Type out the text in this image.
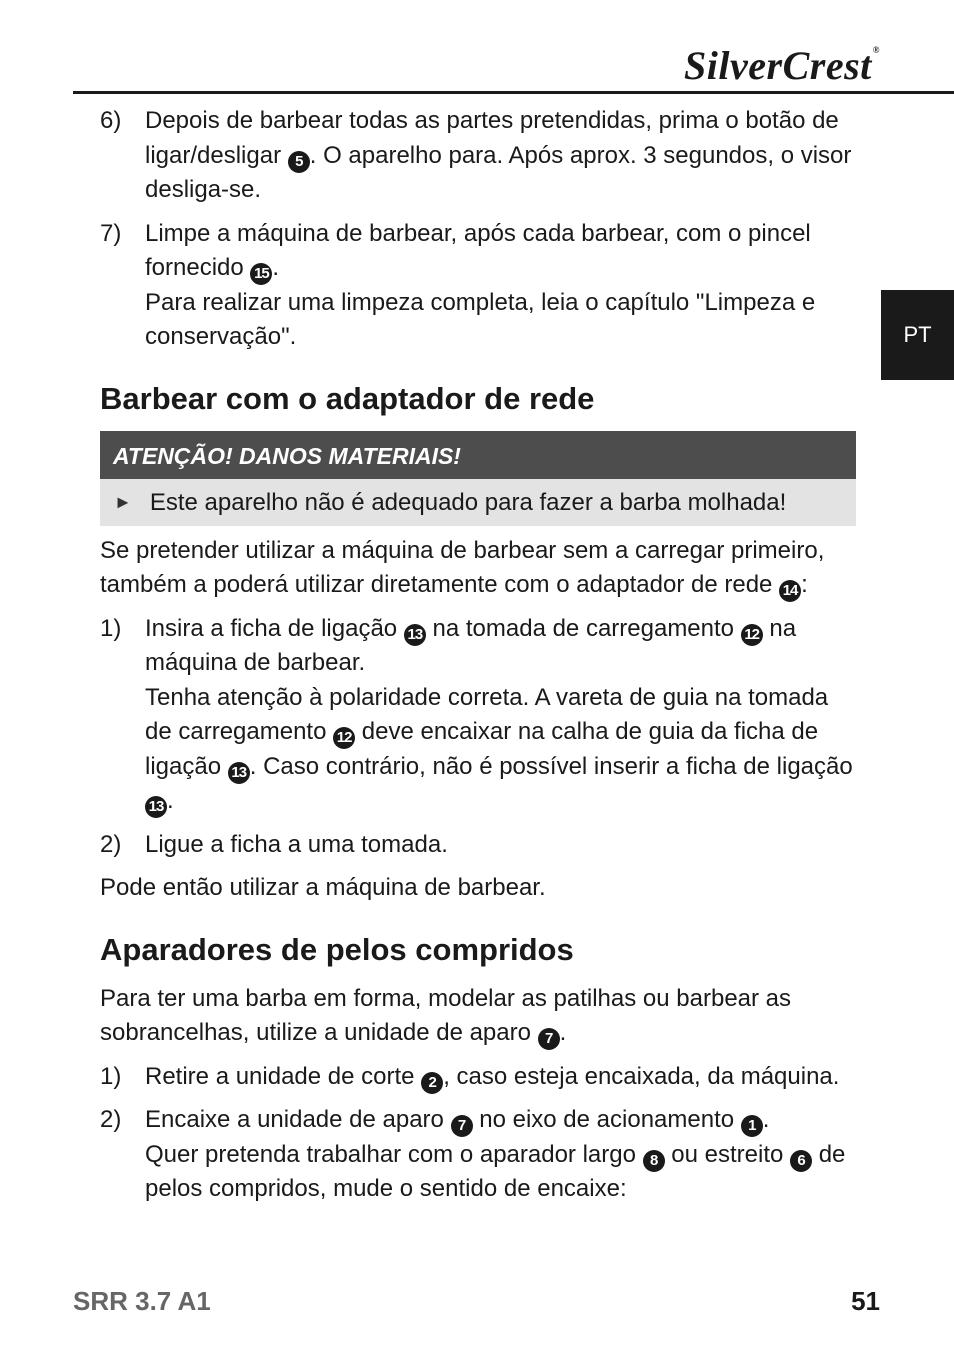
SilverCrest®
PT
6) Depois de barbear todas as partes pretendidas, prima o botão de ligar/desligar 5 . O aparelho para. Após aprox. 3 segundos, o visor desliga-se.

7) Limpe a máquina de barbear, após cada barbear, com o pincel fornecido 15 .

Para realizar uma limpeza completa, leia o capítulo "Limpeza e conservação".

Barbear com o adaptador de rede
ATENÇÃO! DANOS MATERIAIS!
► Este aparelho não é adequado para fazer a barba molhada!

Se pretender utilizar a máquina de barbear sem a carregar primeiro, também a poderá utilizar diretamente com o adaptador de rede 14 :

1) Insira a ficha de ligação 13 na tomada de carregamento 12 na máquina de barbear.

Tenha atenção à polaridade correta. A vareta de guia na tomada de carregamento 12 deve encaixar na calha de guia da ficha de ligação 13 . Caso contrário, não é possível inserir a ficha de ligação 13 .

2) Ligue a ficha a uma tomada.

Pode então utilizar a máquina de barbear.

Aparadores de pelos compridos

Para ter uma barba em forma, modelar as patilhas ou barbear as sobrancelhas, utilize a unidade de aparo 7 .

1) Retire a unidade de corte 2 , caso esteja encaixada, da máquina.

2) Encaixe a unidade de aparo 7 no eixo de acionamento 1 .

Quer pretenda trabalhar com o aparador largo 8 ou estreito 6 de pelos compridos, mude o sentido de encaixe:

SRR 3.7 A1	51
